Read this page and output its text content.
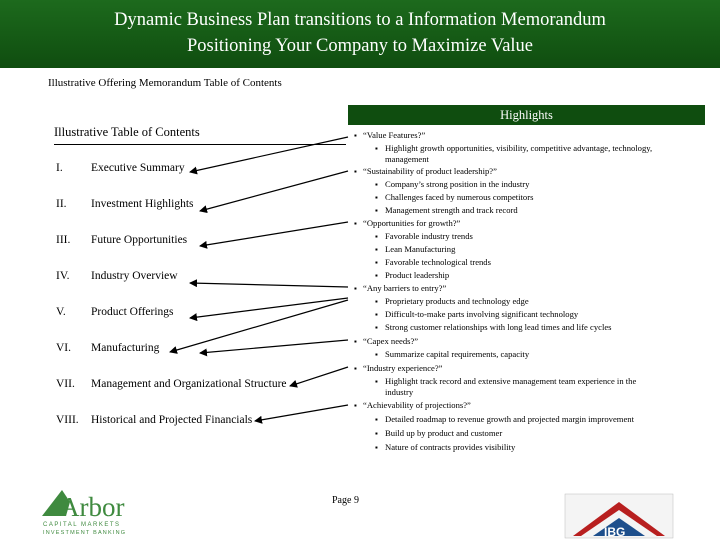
Dynamic Business Plan transitions to a Information Memorandum
Positioning Your Company to Maximize Value
Illustrative Offering Memorandum Table of Contents
Highlights
Illustrative Table of Contents
I. Executive Summary
II. Investment Highlights
III. Future Opportunities
IV. Industry Overview
V. Product Offerings
VI. Manufacturing
VII. Management and Organizational Structure
VIII. Historical and Projected Financials
▪ “Value Features?”
▪ Highlight growth opportunities, visibility, competitive advantage, technology,
management
▪ “Sustainability of product leadership?”
▪ Company’s strong position in the industry
▪ Challenges faced by numerous competitors
▪ Management strength and track record
▪ “Opportunities for growth?”
▪ Favorable industry trends
▪ Lean Manufacturing
▪ Favorable technological trends
▪ Product leadership
▪ “Any barriers to entry?”
▪ Proprietary products and technology edge
▪ Difficult-to-make parts involving significant technology
▪ Strong customer relationships with long lead times and life cycles
▪ “Capex needs?”
▪ Summarize capital requirements, capacity
▪ “Industry experience?”
▪ Highlight track record and extensive management team experience in the
industry
▪ “Achievability of projections?”
▪ Detailed roadmap to revenue growth and projected margin improvement
▪ Build up by product and customer
▪ Nature of contracts provides visibility
Page 9
Arbor
CAPITAL MARKETS
INVESTMENT BANKING	IBG
